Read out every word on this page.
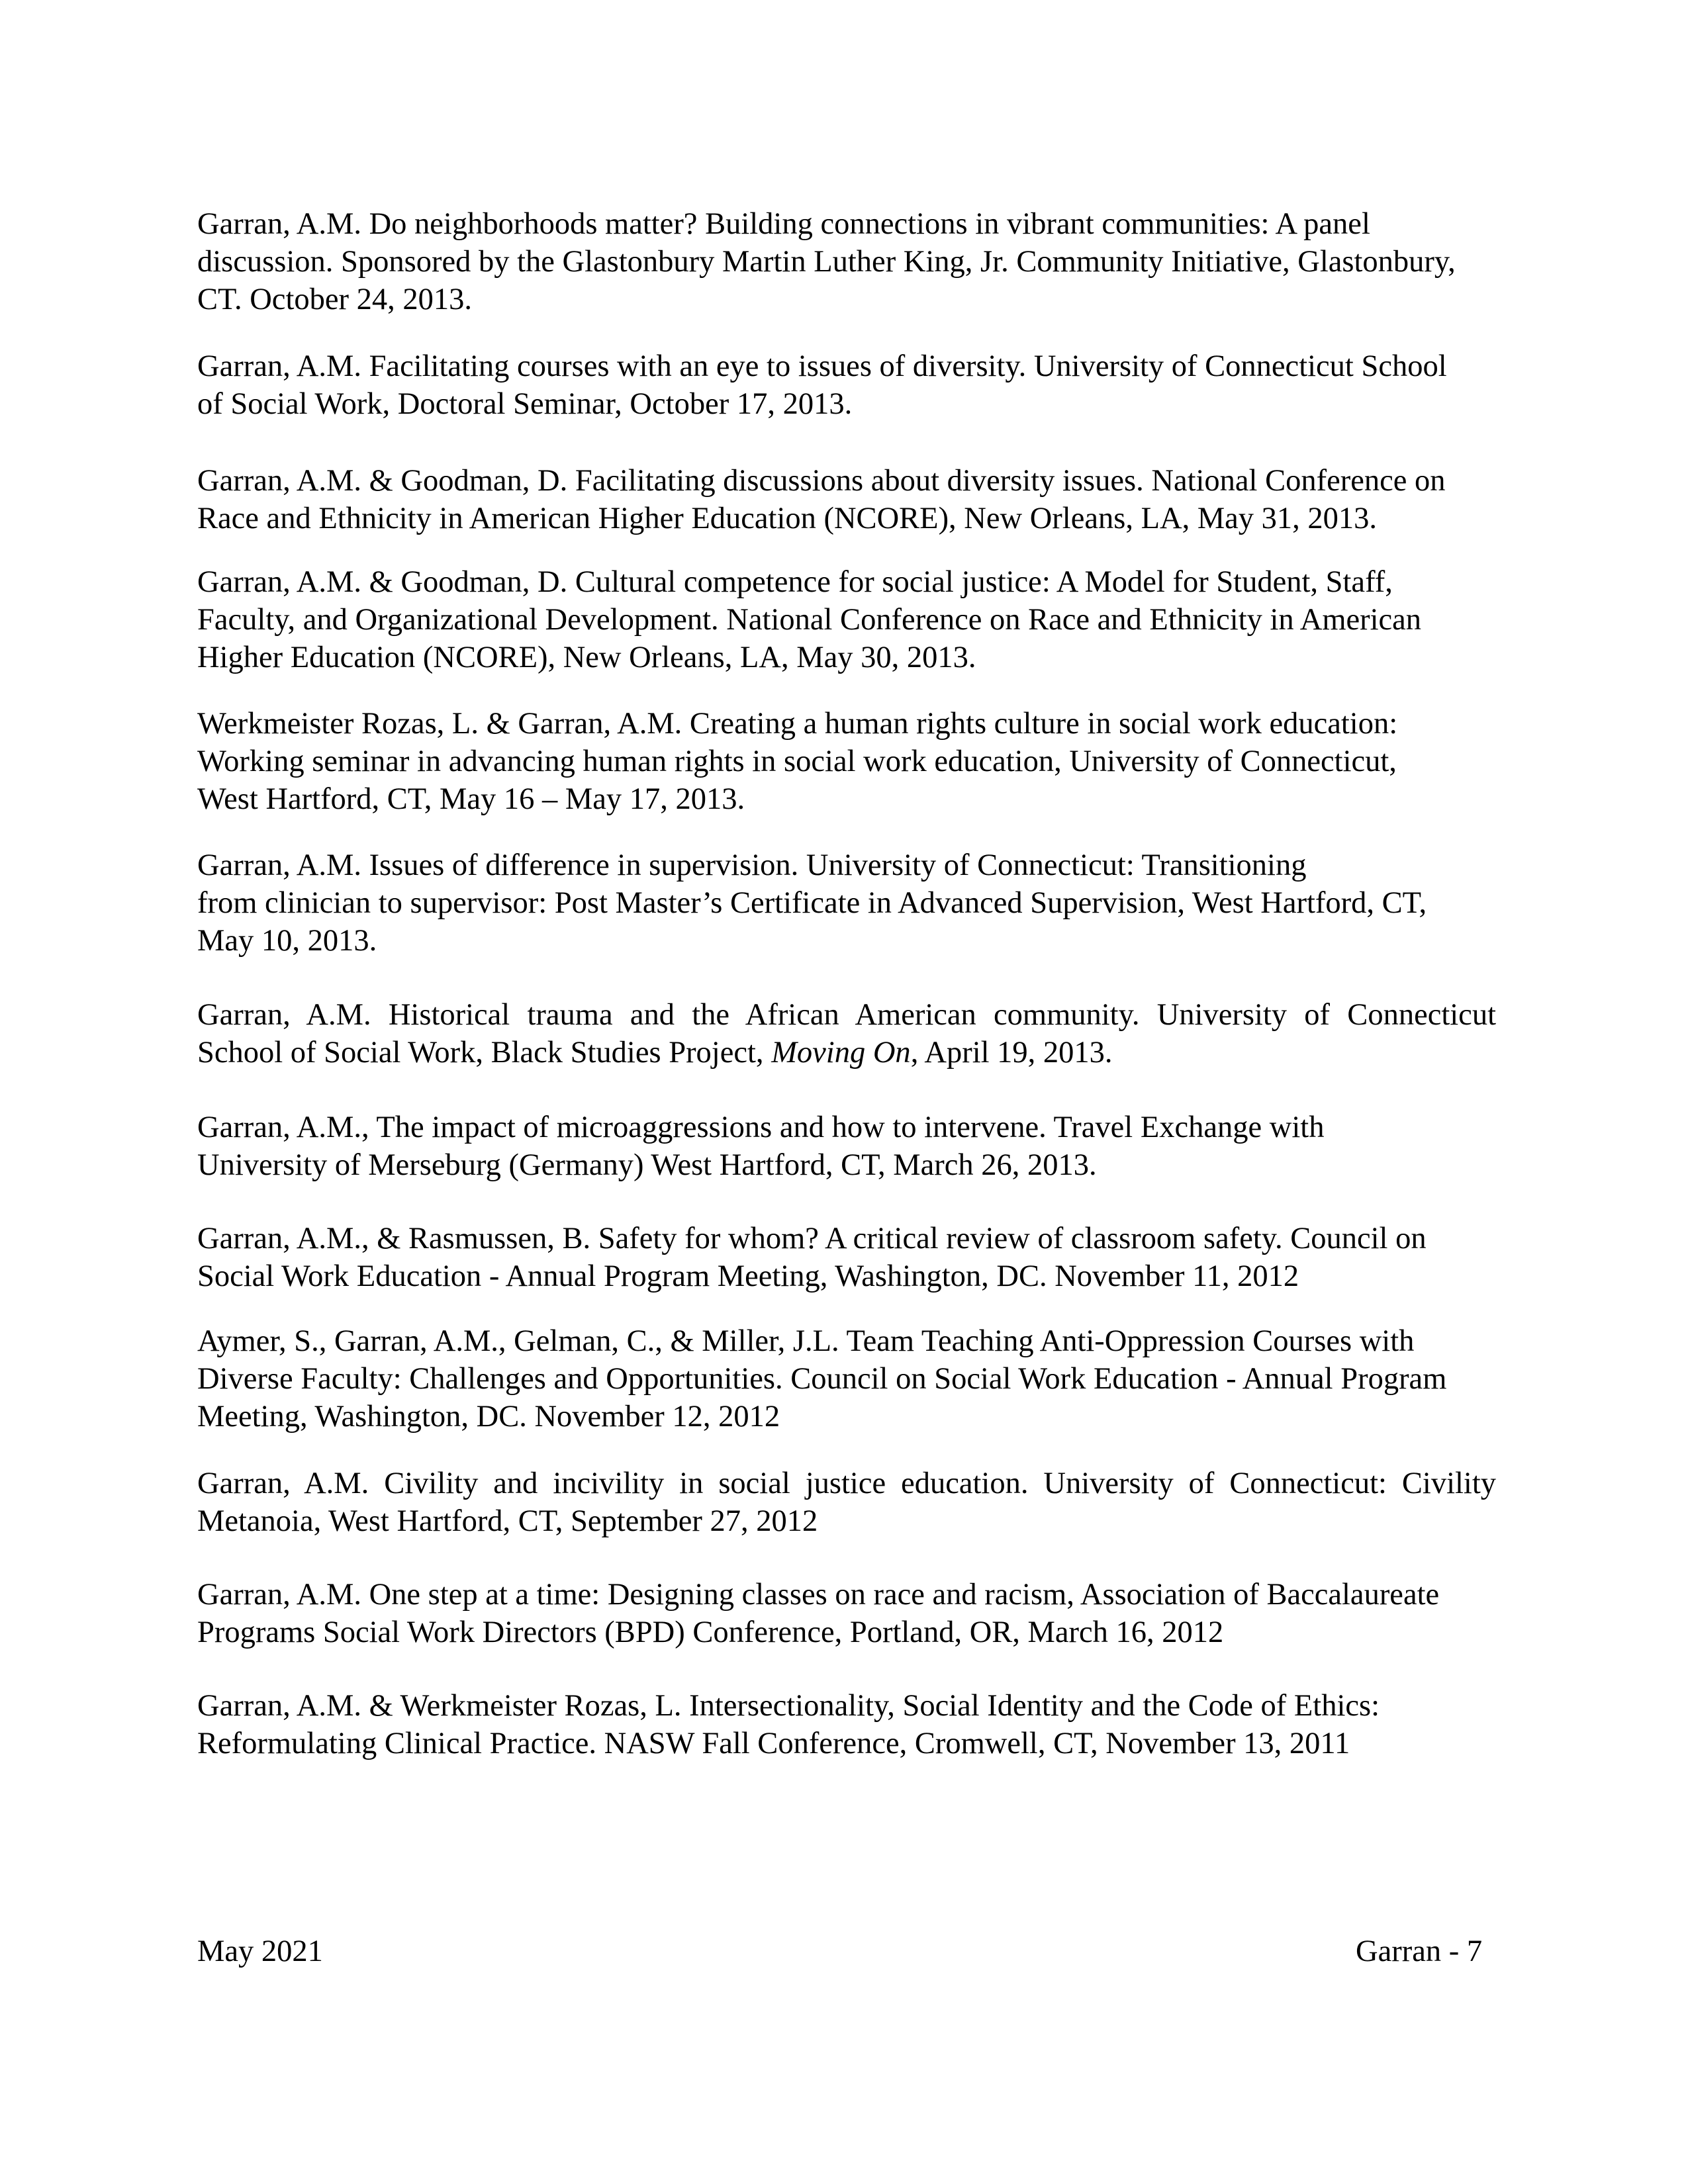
Garran, A.M. Do neighborhoods matter? Building connections in vibrant communities: A panel
discussion. Sponsored by the Glastonbury Martin Luther King, Jr. Community Initiative, Glastonbury,
CT. October 24, 2013.
Garran, A.M. Facilitating courses with an eye to issues of diversity. University of Connecticut School
of Social Work, Doctoral Seminar, October 17, 2013.
Garran, A.M. & Goodman, D. Facilitating discussions about diversity issues. National Conference on
Race and Ethnicity in American Higher Education (NCORE), New Orleans, LA, May 31, 2013.
Garran, A.M. & Goodman, D. Cultural competence for social justice: A Model for Student, Staff,
Faculty, and Organizational Development. National Conference on Race and Ethnicity in American
Higher Education (NCORE), New Orleans, LA, May 30, 2013.
Werkmeister Rozas, L. & Garran, A.M. Creating a human rights culture in social work education:
Working seminar in advancing human rights in social work education, University of Connecticut,
West Hartford, CT, May 16 – May 17, 2013.
Garran, A.M. Issues of difference in supervision. University of Connecticut: Transitioning
from clinician to supervisor: Post Master’s Certificate in Advanced Supervision, West Hartford, CT,
May 10, 2013.
Garran, A.M. Historical trauma and the African American community. University of Connecticut
School of Social Work, Black Studies Project, Moving On, April 19, 2013.
Garran, A.M., The impact of microaggressions and how to intervene. Travel Exchange with
University of Merseburg (Germany) West Hartford, CT, March 26, 2013.
Garran, A.M., & Rasmussen, B. Safety for whom? A critical review of classroom safety. Council on
Social Work Education - Annual Program Meeting, Washington, DC. November 11, 2012
Aymer, S., Garran, A.M., Gelman, C., & Miller, J.L. Team Teaching Anti-Oppression Courses with
Diverse Faculty: Challenges and Opportunities. Council on Social Work Education - Annual Program
Meeting, Washington, DC. November 12, 2012
Garran, A.M. Civility and incivility in social justice education. University of Connecticut: Civility
Metanoia, West Hartford, CT, September 27, 2012
Garran, A.M. One step at a time: Designing classes on race and racism, Association of Baccalaureate
Programs Social Work Directors (BPD) Conference, Portland, OR, March 16, 2012
Garran, A.M. & Werkmeister Rozas, L. Intersectionality, Social Identity and the Code of Ethics:
Reformulating Clinical Practice. NASW Fall Conference, Cromwell, CT, November 13, 2011
May 2021	Garran - 7
